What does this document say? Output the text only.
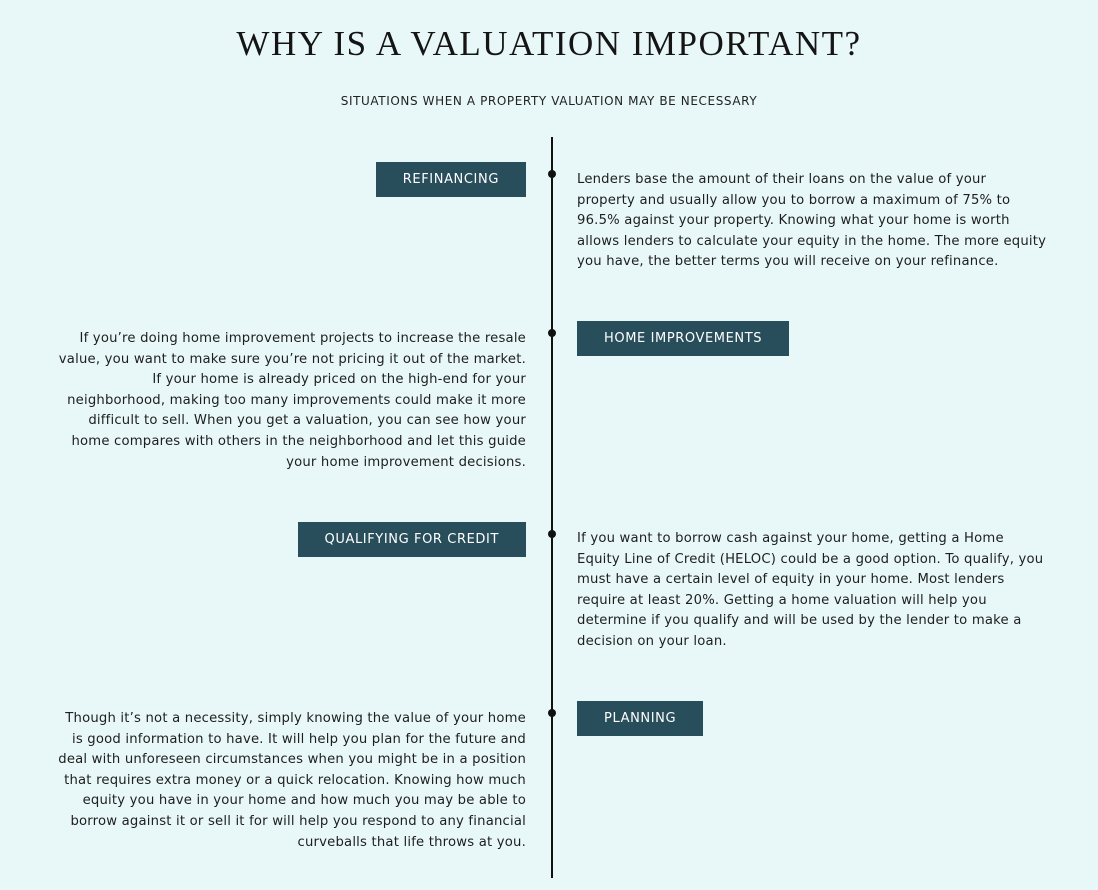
WHY IS A VALUATION IMPORTANT?
SITUATIONS WHEN A PROPERTY VALUATION MAY BE NECESSARY
REFINANCING	Lenders base the amount of their loans on the value of your property and usually allow you to borrow a maximum of 75% to 96.5% against your property. Knowing what your home is worth allows lenders to calculate your equity in the home. The more equity you have, the better terms you will receive on your refinance.
HOME IMPROVEMENTS
If you’re doing home improvement projects to increase the resale value, you want to make sure you’re not pricing it out of the market. If your home is already priced on the high-end for your neighborhood, making too many improvements could make it more difficult to sell. When you get a valuation, you can see how your home compares with others in the neighborhood and let this guide your home improvement decisions.
QUALIFYING FOR CREDIT	If you want to borrow cash against your home, getting a Home Equity Line of Credit (HELOC) could be a good option. To qualify, you must have a certain level of equity in your home. Most lenders require at least 20%. Getting a home valuation will help you determine if you qualify and will be used by the lender to make a decision on your loan.
PLANNING
Though it’s not a necessity, simply knowing the value of your home is good information to have. It will help you plan for the future and deal with unforeseen circumstances when you might be in a position that requires extra money or a quick relocation. Knowing how much equity you have in your home and how much you may be able to borrow against it or sell it for will help you respond to any financial curveballs that life throws at you.
